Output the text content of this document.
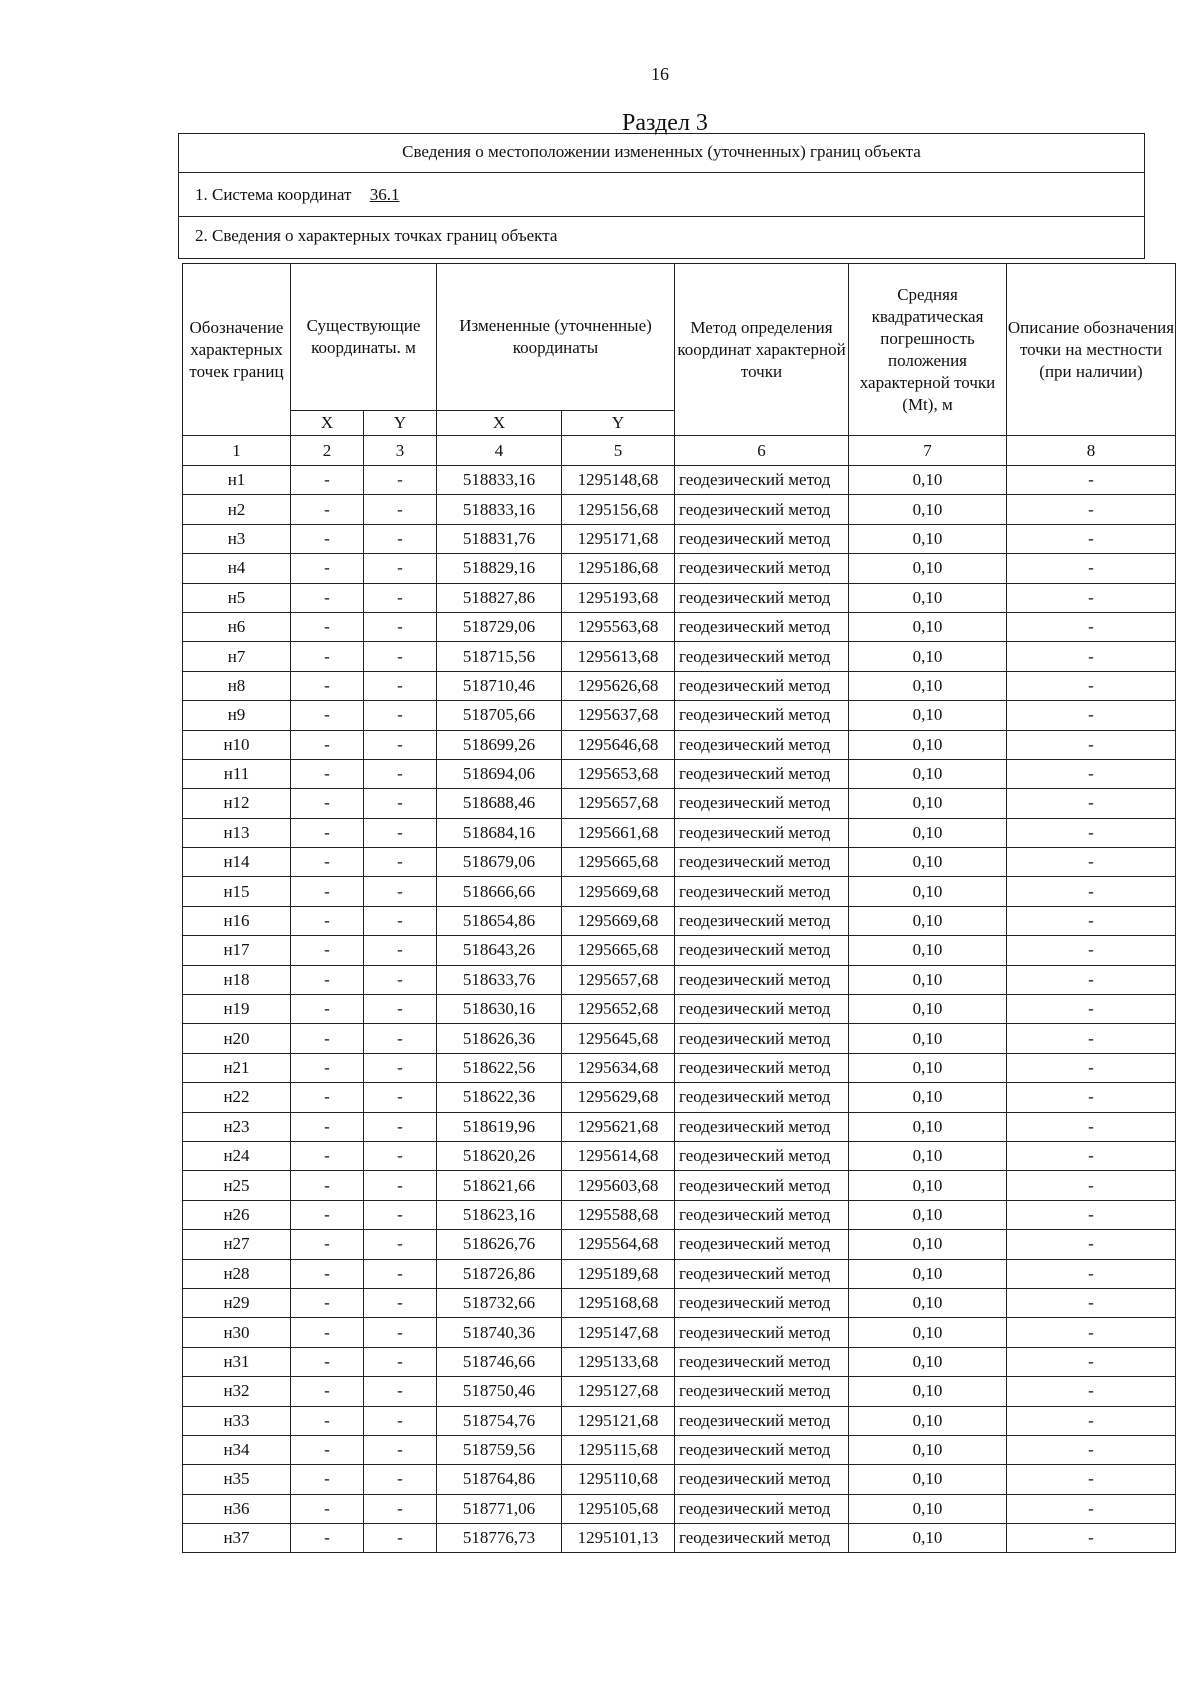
16
Раздел 3
Сведения о местоположении измененных (уточненных) границ объекта
1. Система координат 36.1
2. Сведения о характерных точках границ объекта
Обозначение характерных точек границ	Существующие координаты. м		Измененные (уточненные) координаты		Метод определения координат характерной точки	Средняя квадратическая погрешность положения характерной точки (Mt), м	Описание обозначения точки на местности (при наличии)
	X	Y	X	Y			
1	2	3	4	5	6	7	8
н1	-	-	518833,16	1295148,68	геодезический метод	0,10	-
н2	-	-	518833,16	1295156,68	геодезический метод	0,10	-
н3	-	-	518831,76	1295171,68	геодезический метод	0,10	-
н4	-	-	518829,16	1295186,68	геодезический метод	0,10	-
н5	-	-	518827,86	1295193,68	геодезический метод	0,10	-
н6	-	-	518729,06	1295563,68	геодезический метод	0,10	-
н7	-	-	518715,56	1295613,68	геодезический метод	0,10	-
н8	-	-	518710,46	1295626,68	геодезический метод	0,10	-
н9	-	-	518705,66	1295637,68	геодезический метод	0,10	-
н10	-	-	518699,26	1295646,68	геодезический метод	0,10	-
н11	-	-	518694,06	1295653,68	геодезический метод	0,10	-
н12	-	-	518688,46	1295657,68	геодезический метод	0,10	-
н13	-	-	518684,16	1295661,68	геодезический метод	0,10	-
н14	-	-	518679,06	1295665,68	геодезический метод	0,10	-
н15	-	-	518666,66	1295669,68	геодезический метод	0,10	-
н16	-	-	518654,86	1295669,68	геодезический метод	0,10	-
н17	-	-	518643,26	1295665,68	геодезический метод	0,10	-
н18	-	-	518633,76	1295657,68	геодезический метод	0,10	-
н19	-	-	518630,16	1295652,68	геодезический метод	0,10	-
н20	-	-	518626,36	1295645,68	геодезический метод	0,10	-
н21	-	-	518622,56	1295634,68	геодезический метод	0,10	-
н22	-	-	518622,36	1295629,68	геодезический метод	0,10	-
н23	-	-	518619,96	1295621,68	геодезический метод	0,10	-
н24	-	-	518620,26	1295614,68	геодезический метод	0,10	-
н25	-	-	518621,66	1295603,68	геодезический метод	0,10	-
н26	-	-	518623,16	1295588,68	геодезический метод	0,10	-
н27	-	-	518626,76	1295564,68	геодезический метод	0,10	-
н28	-	-	518726,86	1295189,68	геодезический метод	0,10	-
н29	-	-	518732,66	1295168,68	геодезический метод	0,10	-
н30	-	-	518740,36	1295147,68	геодезический метод	0,10	-
н31	-	-	518746,66	1295133,68	геодезический метод	0,10	-
н32	-	-	518750,46	1295127,68	геодезический метод	0,10	-
н33	-	-	518754,76	1295121,68	геодезический метод	0,10	-
н34	-	-	518759,56	1295115,68	геодезический метод	0,10	-
н35	-	-	518764,86	1295110,68	геодезический метод	0,10	-
н36	-	-	518771,06	1295105,68	геодезический метод	0,10	-
н37	-	-	518776,73	1295101,13	геодезический метод	0,10	-
